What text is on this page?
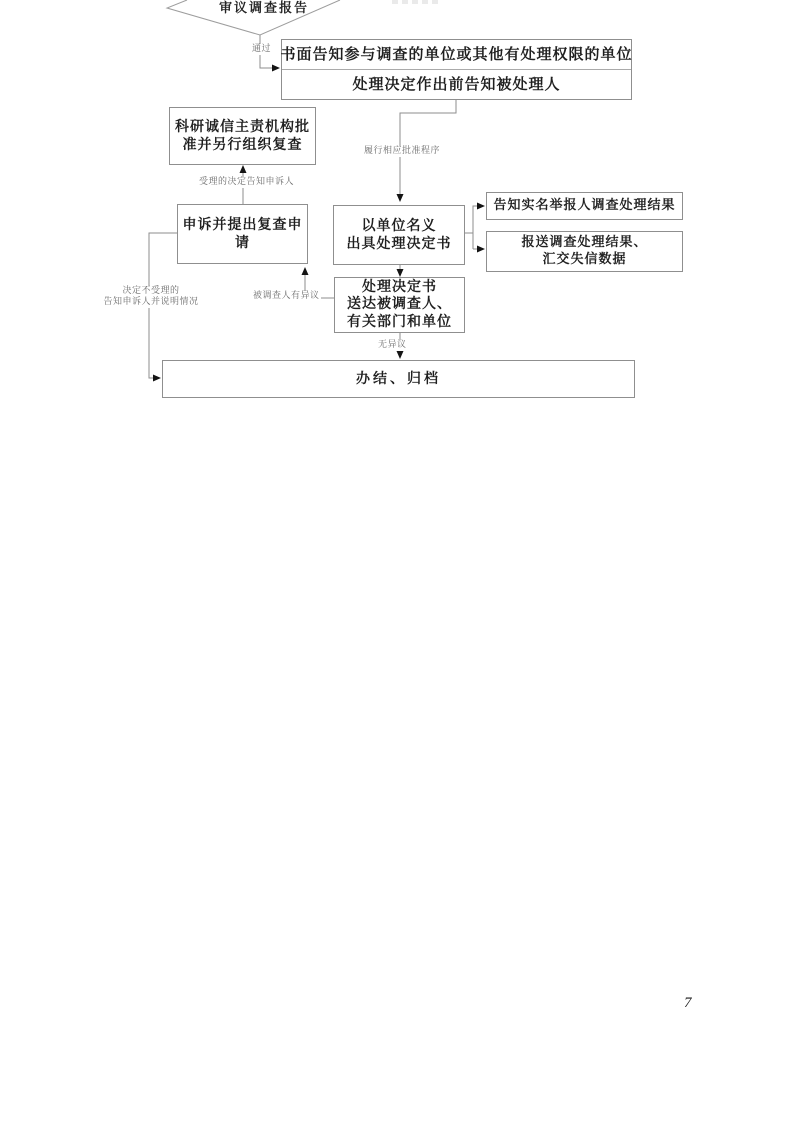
审议调查报告
书面告知参与调查的单位或其他有处理权限的单位
处理决定作出前告知被处理人
科研诚信主责机构批
准并另行组织复查
申诉并提出复查申
请
以单位名义
出具处理决定书
告知实名举报人调查处理结果
报送调查处理结果、
汇交失信数据
处理决定书
送达被调查人、
有关部门和单位
办结、归档
通过
履行相应批准程序
受理的决定告知申诉人
被调查人有异议
无异议
决定不受理的
告知申诉人并说明情况
7
